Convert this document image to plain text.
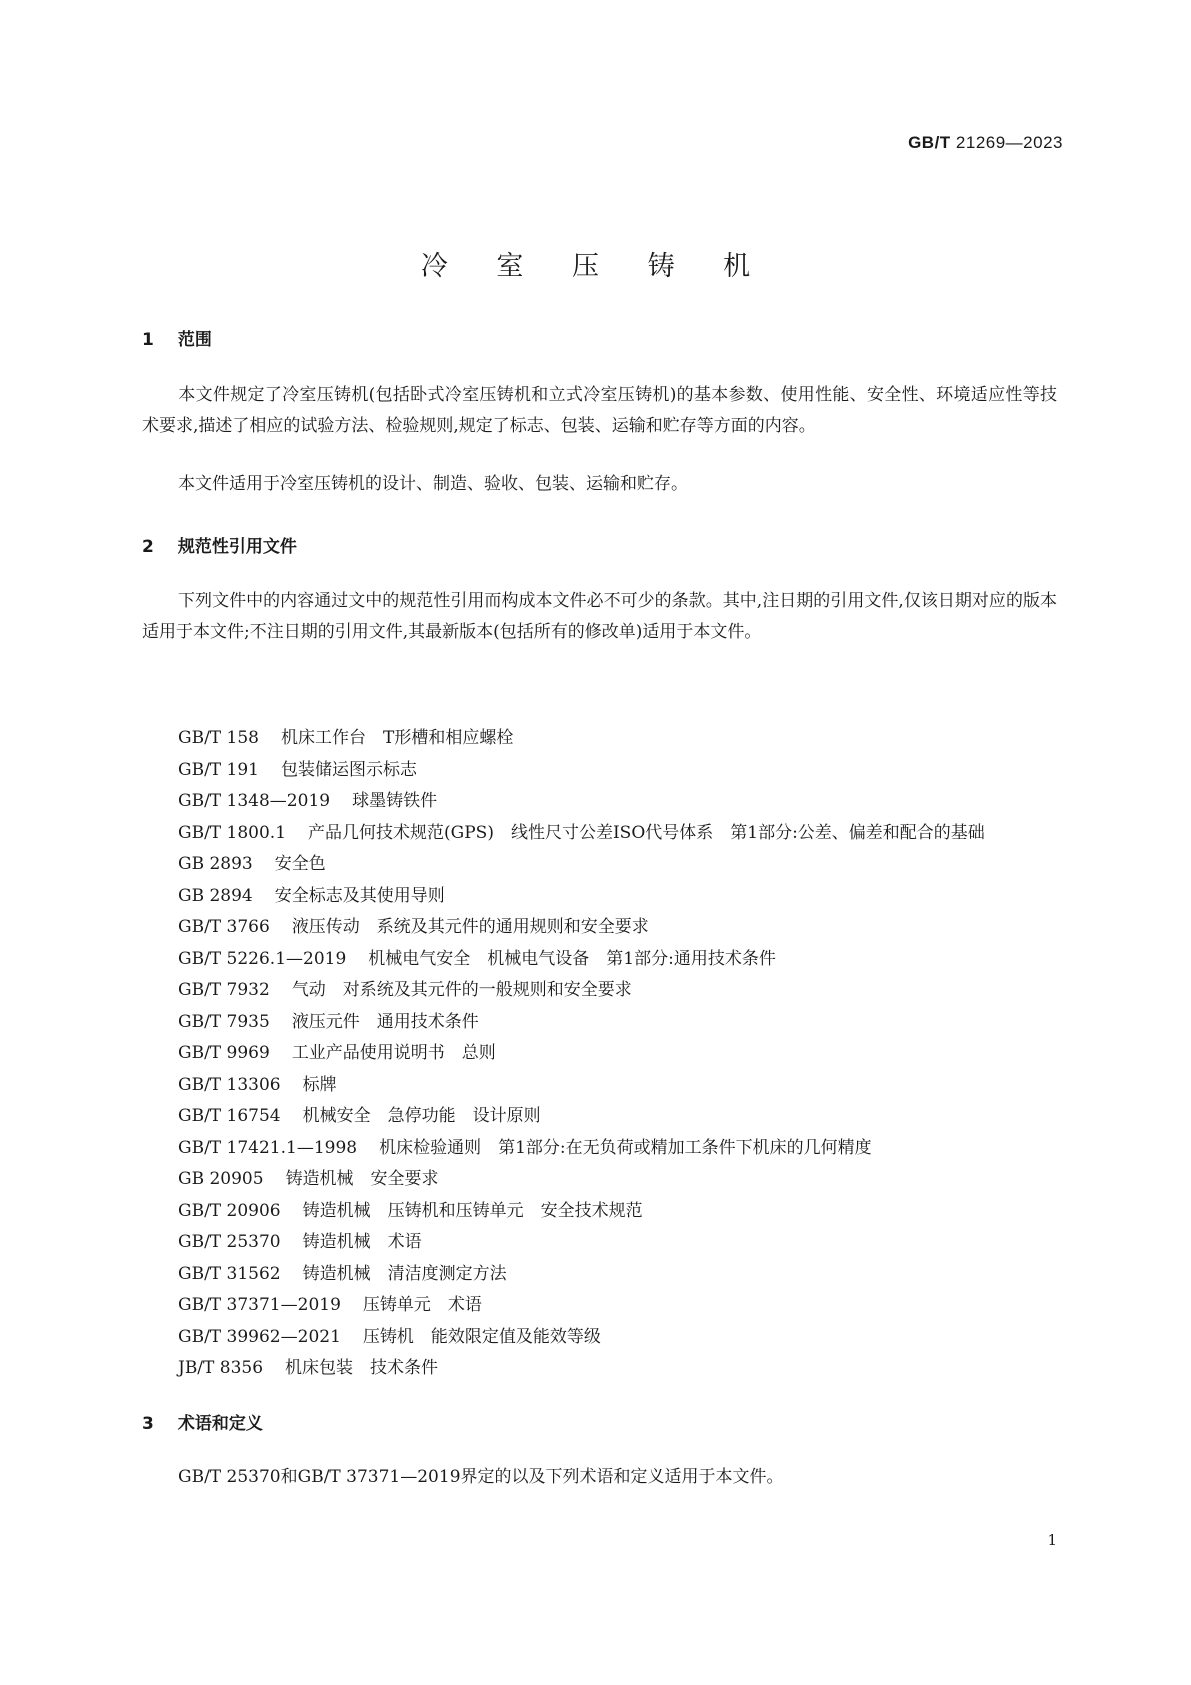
GB/T 21269—2023
冷 室 压 铸 机
1 范围
本文件规定了冷室压铸机(包括卧式冷室压铸机和立式冷室压铸机)的基本参数、使用性能、安全性、环境适应性等技术要求,描述了相应的试验方法、检验规则,规定了标志、包装、运输和贮存等方面的内容。
本文件适用于冷室压铸机的设计、制造、验收、包装、运输和贮存。
2 规范性引用文件
下列文件中的内容通过文中的规范性引用而构成本文件必不可少的条款。其中,注日期的引用文件,仅该日期对应的版本适用于本文件;不注日期的引用文件,其最新版本(包括所有的修改单)适用于本文件。
GB/T 158 机床工作台　T形槽和相应螺栓
GB/T 191 包装储运图示标志
GB/T 1348—2019 球墨铸铁件
GB/T 1800.1 产品几何技术规范(GPS)　线性尺寸公差ISO代号体系　第1部分:公差、偏差和配合的基础
GB 2893 安全色
GB 2894 安全标志及其使用导则
GB/T 3766 液压传动　系统及其元件的通用规则和安全要求
GB/T 5226.1—2019 机械电气安全　机械电气设备　第1部分:通用技术条件
GB/T 7932 气动　对系统及其元件的一般规则和安全要求
GB/T 7935 液压元件　通用技术条件
GB/T 9969 工业产品使用说明书　总则
GB/T 13306 标牌
GB/T 16754 机械安全　急停功能　设计原则
GB/T 17421.1—1998 机床检验通则　第1部分:在无负荷或精加工条件下机床的几何精度
GB 20905 铸造机械　安全要求
GB/T 20906 铸造机械　压铸机和压铸单元　安全技术规范
GB/T 25370 铸造机械　术语
GB/T 31562 铸造机械　清洁度测定方法
GB/T 37371—2019 压铸单元　术语
GB/T 39962—2021 压铸机　能效限定值及能效等级
JB/T 8356 机床包装　技术条件
3 术语和定义
GB/T 25370和GB/T 37371—2019界定的以及下列术语和定义适用于本文件。
1
